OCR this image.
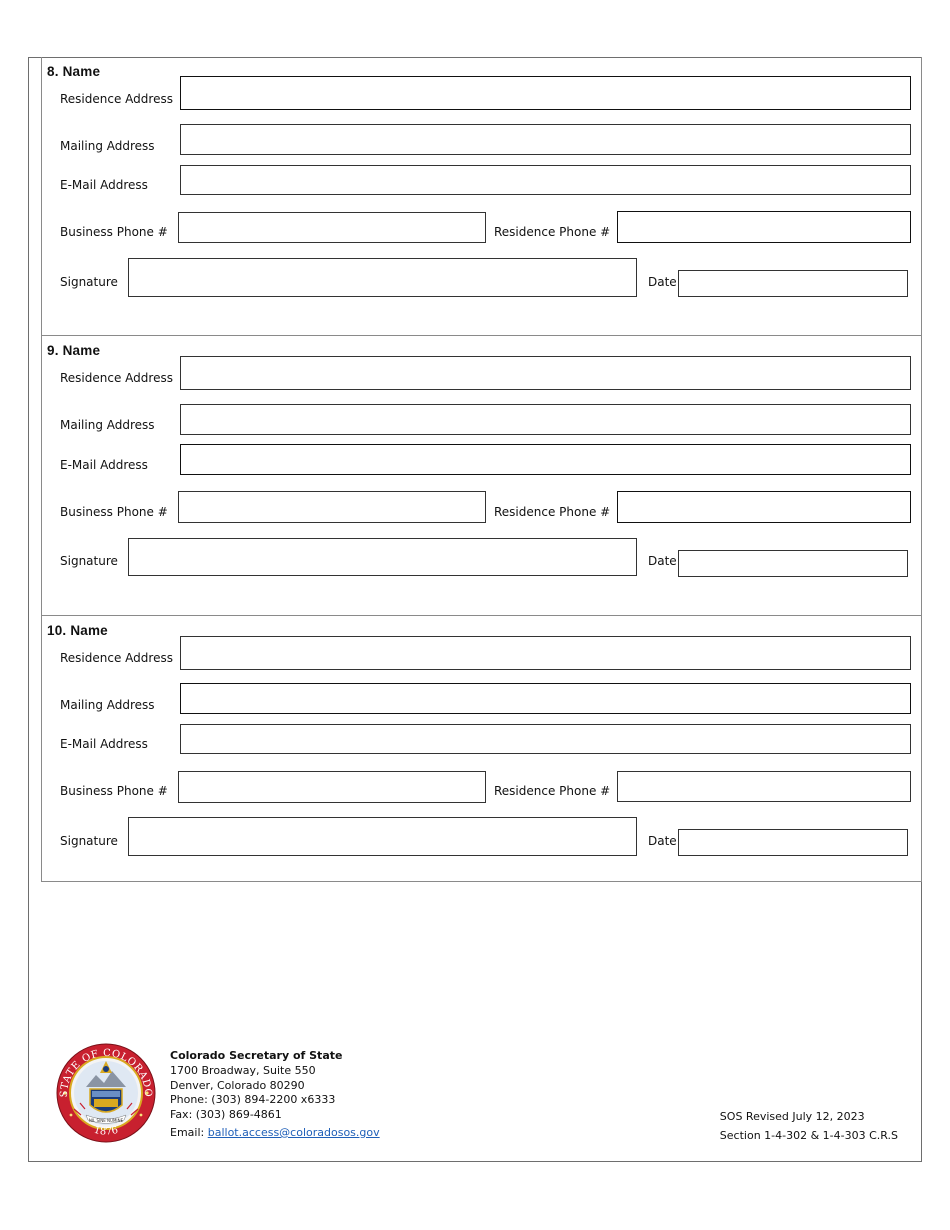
8. Name
Residence Address
Mailing Address
E-Mail Address
Business Phone #	Residence Phone #
Signature	Date
9. Name
Residence Address
Mailing Address
E-Mail Address
Business Phone #	Residence Phone #
Signature	Date
10. Name
Residence Address
Mailing Address
E-Mail Address
Business Phone #	Residence Phone #
Signature	Date
STATE OF COLORADO
1876
NIL SINE NUMINE
Colorado Secretary of State
1700 Broadway, Suite 550
Denver, Colorado 80290
Phone: (303) 894-2200 x6333
Fax: (303) 869-4861
Email: ballot.access@coloradosos.gov
SOS Revised July 12, 2023
Section 1-4-302 & 1-4-303 C.R.S
